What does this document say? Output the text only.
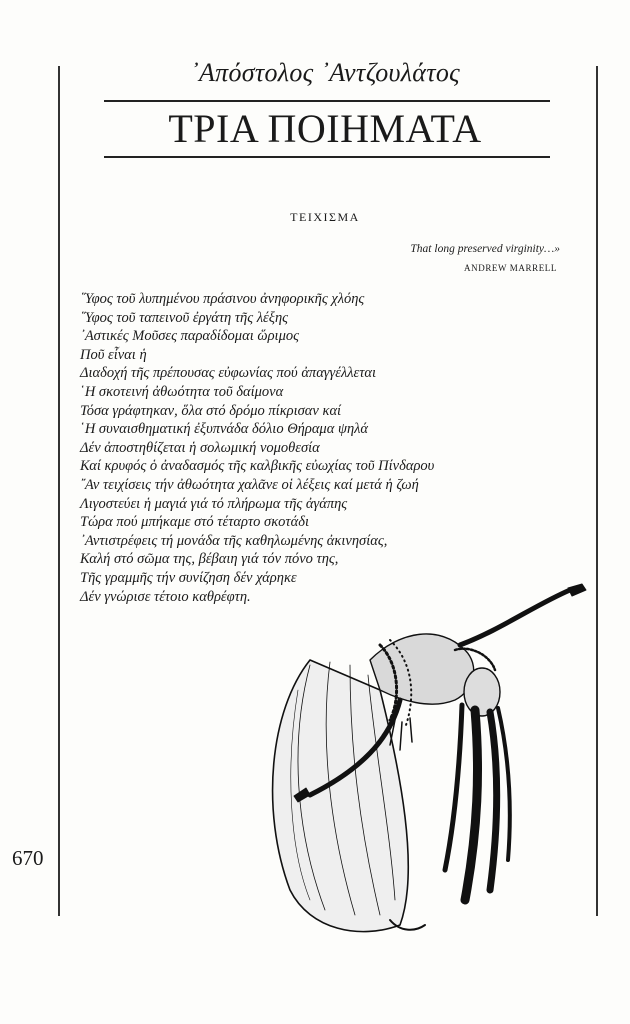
᾽Απόστολος ᾽Αντζουλάτος
ΤΡΙΑ ΠΟΙΗΜΑΤΑ
ΤΕΙΧΙΣΜΑ
That long preserved virginity…»
ANDREW MARRELL
῞Υφος τοῦ λυπημένου πράσινου ἀνηφορικῆς χλόης
῞Υφος τοῦ ταπεινοῦ ἐργάτη τῆς λέξης
᾽Αστικές Μοῦσες παραδίδομαι ὥριμος
Ποῦ εἶναι ἡ
Διαδοχή τῆς πρέπουσας εὐφωνίας πού ἀπαγγέλλεται
῾Η σκοτεινή ἀθωότητα τοῦ δαίμονα
Τόσα γράφτηκαν, ὅλα στό δρόμο πίκρισαν καί
῾Η συναισθηματική ἐξυπνάδα δόλιο Θήραμα ψηλά
Δέν ἀποστηθίζεται ἡ σολωμική νομοθεσία
Καί κρυφός ὁ ἀναδασμός τῆς καλβικῆς εὐωχίας τοῦ Πίνδαρου
῎Αν τειχίσεις τήν ἀθωότητα χαλᾶνε οἱ λέξεις καί μετά ἡ ζωή
Λιγοστεύει ἡ μαγιά γιά τό πλήρωμα τῆς ἀγάπης
Τώρα πού μπήκαμε στό τέταρτο σκοτάδι
᾽Αντιστρέφεις τή μονάδα τῆς καθηλωμένης ἀκινησίας,
Καλή στό σῶμα της, βέβαιη γιά τόν πόνο της,
Τῆς γραμμῆς τήν συνίζηση δέν χάρηκε
Δέν γνώρισε τέτοιο καθρέφτη.
670
